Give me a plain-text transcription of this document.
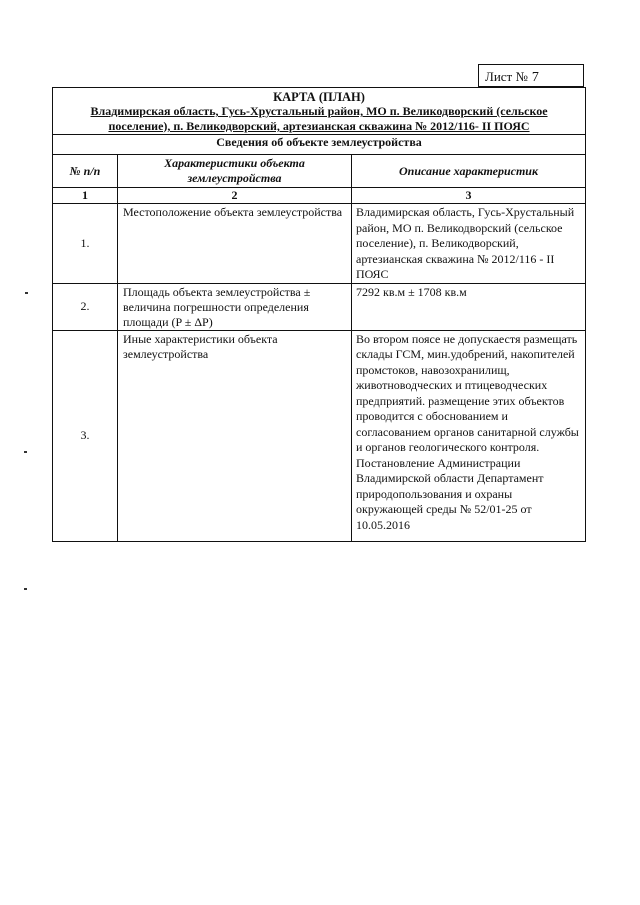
Лист № 7
КАРТА (ПЛАН)
Владимирская область, Гусь-Хрустальный район, МО п. Великодворский (сельское поселение), п. Великодворский, артезианская скважина № 2012/116- II ПОЯС		

Сведения об объекте землеустройства		
№ п/п	Характеристики объекта землеустройства	Описание характеристик
1	2	3
1.	Местоположение объекта землеустройства	Владимирская область, Гусь-Хрустальный район, МО п. Великодворский (сельское поселение), п. Великодворский, артезианская скважина № 2012/116 - II ПОЯС

2.	Площадь объекта землеустройства ± величина погрешности определения площади (P ± ΔP)	7292 кв.м ± 1708 кв.м

3.	Иные характеристики объекта землеустройства	Во втором поясе не допускаестя размещать склады ГСМ, мин.удобрений, накопителей промстоков, навозохранилищ, животноводческих и птицеводческих предприятий. размещение этих объектов проводится с обоснованием и согласованием органов санитарной службы и органов геологического контроля. Постановление Администрации Владимирской области Департамент природопользования и охраны окружающей среды № 52/01-25 от 10.05.2016
